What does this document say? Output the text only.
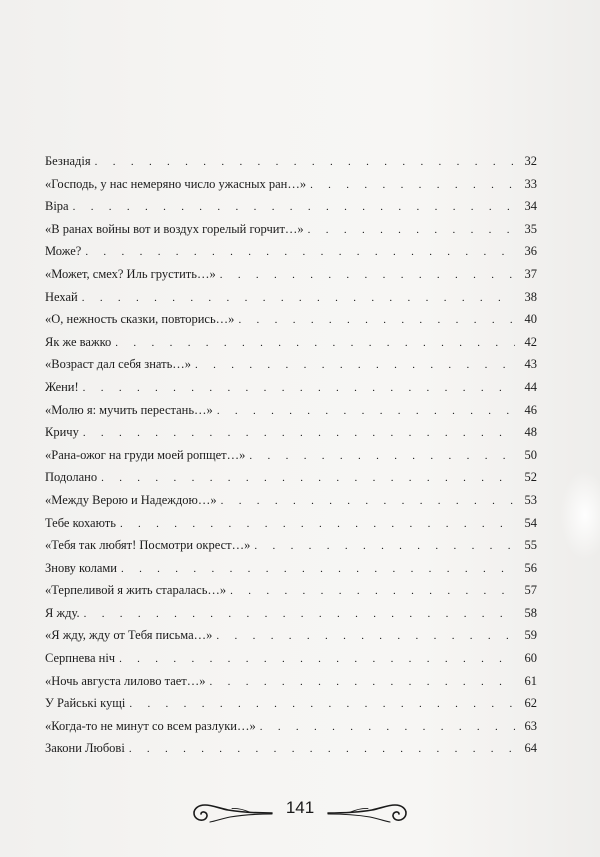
Безнадія . . .	32
«Господь, у нас немеряно число ужасных ран…» . . .	33
Віра . . .	34
«В ранах войны вот и воздух горелый горчит…» . . .	35
Може? . . .	36
«Может, смех? Иль грустить…» . . .	37
Нехай . . .	38
«О, нежность сказки, повторись…» . . .	40
Як же важко . . .	42
«Возраст дал себя знать…» . . .	43
Жени! . . .	44
«Молю я: мучить перестань…» . . .	46
Кричу . . .	48
«Рана-ожог на груди моей ропщет…» . . .	50
Подолано . . .	52
«Между Верою и Надеждою…» . . .	53
Тебе кохають . . .	54
«Тебя так любят! Посмотри окрест…» . . .	55
Знову колами . . .	56
«Терпеливой я жить старалась…» . . .	57
Я жду. . . .	58
«Я жду, жду от Тебя письма…» . . .	59
Серпнева ніч . . .	60
«Ночь августа лилово тает…» . . .	61
У Райські кущі . . .	62
«Когда-то не минут со всем разлуки…» . . .	63
Закони Любові . . .	64
141
